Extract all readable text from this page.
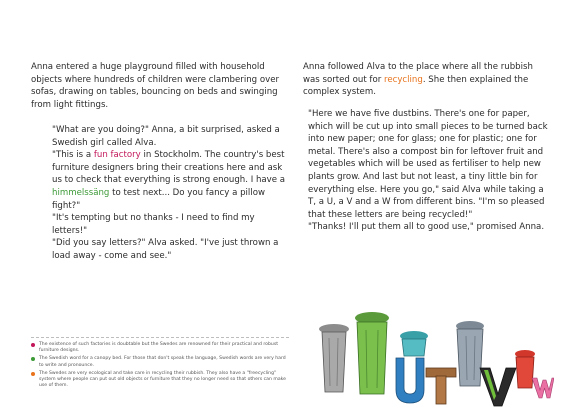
Anna entered a huge playground filled with household objects where hundreds of children were clambering over sofas, drawing on tables, bouncing on beds and swinging from light fittings.

"What are you doing?" Anna, a bit surprised, asked a Swedish girl called Alva.

"This is a fun factory in Stockholm. The country's best furniture designers bring their creations here and ask us to check that everything is strong enough. I have a himmelssäng to test next... Do you fancy a pillow fight?"

"It's tempting but no thanks - I need to find my letters!"

"Did you say letters?" Alva asked. "I've just thrown a load away - come and see."

Anna followed Alva to the place where all the rubbish was sorted out for recycling. She then explained the complex system.

"Here we have five dustbins. There's one for paper, which will be cut up into small pieces to be turned back into new paper; one for glass; one for plastic; one for metal. There's also a compost bin for leftover fruit and vegetables which will be used as fertiliser to help new plants grow. And last but not least, a tiny little bin for everything else. Here you go," said Alva while taking a T, a U, a V and a W from different bins. "I'm so pleased that these letters are being recycled!"

"Thanks! I'll put them all to good use," promised Anna.

The existence of such factories is doubtable but the Swedes are renowned for their practical and robust furniture designs.
The Swedish word for a canopy bed. For those that don't speak the language, Swedish words are very hard to write and pronounce.
The Swedes are very ecological and take care in recycling their rubbish. They also have a "freecycling" system where people can put out old objects or furniture that they no longer need so that others can make use of them.	U
